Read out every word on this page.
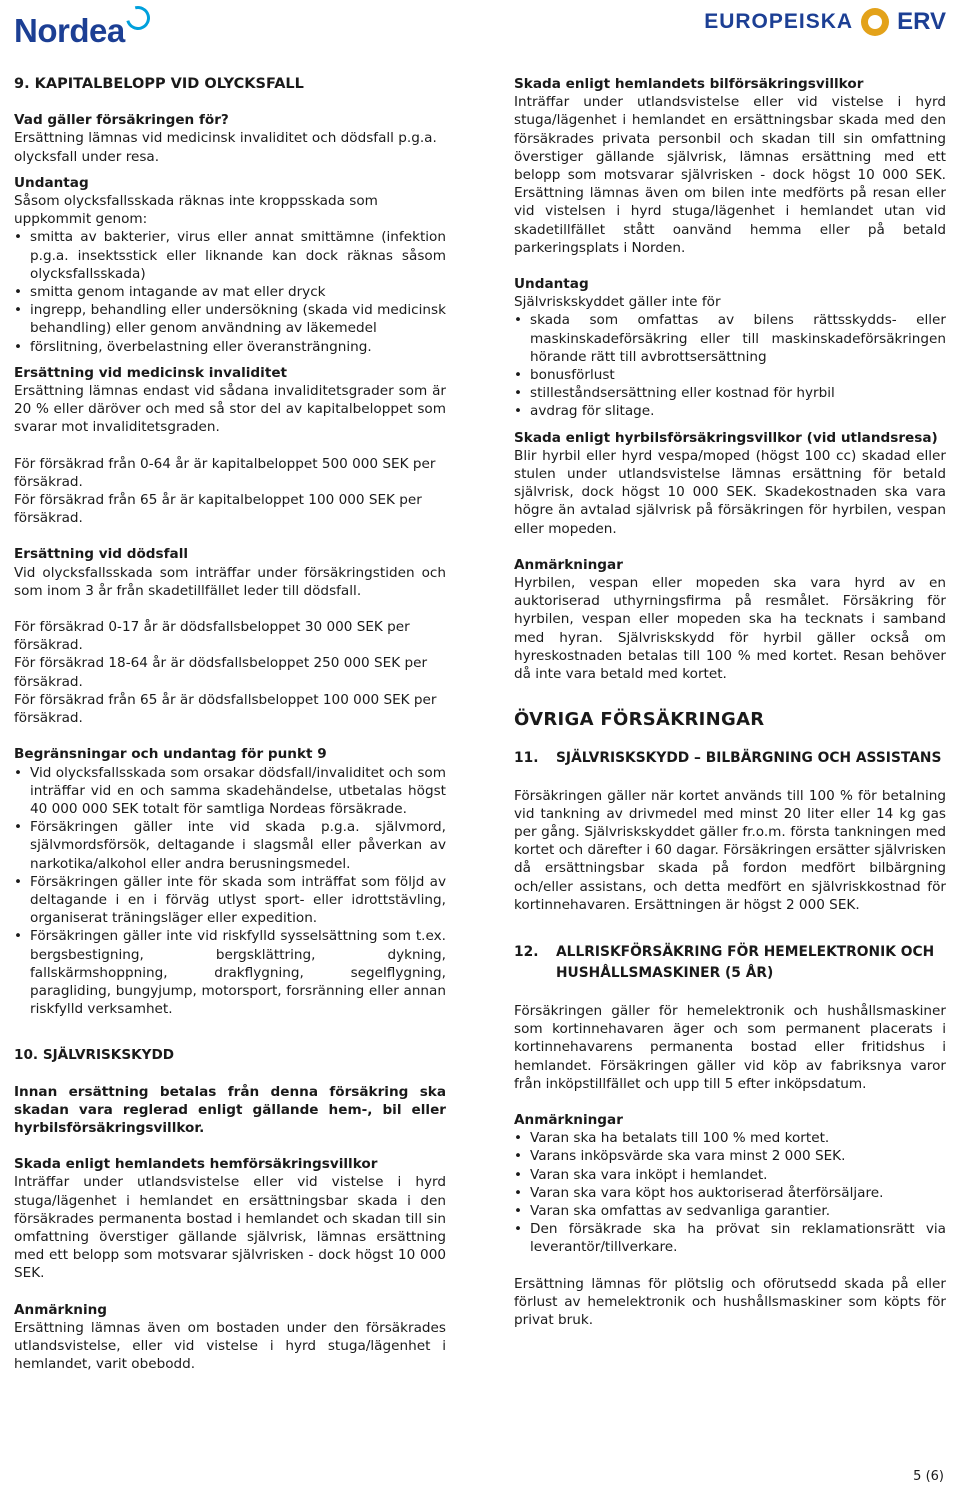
Nordea	EUROPEISKA ERV

9. KAPITALBELOPP VID OLYCKSFALL

Vad gäller försäkringen för?

Ersättning lämnas vid medicinsk invaliditet och dödsfall p.g.a. olycksfall under resa.

Undantag

Såsom olycksfallsskada räknas inte kroppsskada som uppkommit genom:

• smitta av bakterier, virus eller annat smittämne (infektion p.g.a. insektsstick eller liknande kan dock räknas såsom olycksfallsskada)
• smitta genom intagande av mat eller dryck
• ingrepp, behandling eller undersökning (skada vid medicinsk behandling) eller genom användning av läkemedel
• förslitning, överbelastning eller överansträngning.

Ersättning vid medicinsk invaliditet

Ersättning lämnas endast vid sådana invaliditetsgrader som är 20 % eller däröver och med så stor del av kapitalbeloppet som svarar mot invaliditetsgraden.

För försäkrad från 0-64 år är kapitalbeloppet 500 000 SEK per försäkrad.

För försäkrad från 65 år är kapitalbeloppet 100 000 SEK per försäkrad.

Ersättning vid dödsfall

Vid olycksfallsskada som inträffar under försäkringstiden och som inom 3 år från skadetillfället leder till dödsfall.

För försäkrad 0-17 år är dödsfallsbeloppet 30 000 SEK per försäkrad.

För försäkrad 18-64 år är dödsfallsbeloppet 250 000 SEK per försäkrad.

För försäkrad från 65 år är dödsfallsbeloppet 100 000 SEK per försäkrad.

Begränsningar och undantag för punkt 9

• Vid olycksfallsskada som orsakar dödsfall/invaliditet och som inträffar vid en och samma skadehändelse, utbetalas högst 40 000 000 SEK totalt för samtliga Nordeas försäkrade.
• Försäkringen gäller inte vid skada p.g.a. självmord, självmordsförsök, deltagande i slagsmål eller påverkan av narkotika/alkohol eller andra berusningsmedel.
• Försäkringen gäller inte för skada som inträffat som följd av deltagande i en i förväg utlyst sport- eller idrottstävling, organiserat träningsläger eller expedition.
• Försäkringen gäller inte vid riskfylld sysselsättning som t.ex. bergsbestigning, bergsklättring, dykning, fallskärmshoppning, drakflygning, segelflygning, paragliding, bungyjump, motorsport, forsränning eller annan riskfylld verksamhet.

10. SJÄLVRISKSKYDD

Innan ersättning betalas från denna försäkring ska skadan vara reglerad enligt gällande hem-, bil eller hyrbilsförsäkringsvillkor.

Skada enligt hemlandets hemförsäkringsvillkor

Inträffar under utlandsvistelse eller vid vistelse i hyrd stuga/lägenhet i hemlandet en ersättningsbar skada i den försäkrades permanenta bostad i hemlandet och skadan till sin omfattning överstiger gällande självrisk, lämnas ersättning med ett belopp som motsvarar självrisken - dock högst 10 000 SEK.

Anmärkning

Ersättning lämnas även om bostaden under den försäkrades utlandsvistelse, eller vid vistelse i hyrd stuga/lägenhet i hemlandet, varit obebodd.

Skada enligt hemlandets bilförsäkringsvillkor

Inträffar under utlandsvistelse eller vid vistelse i hyrd stuga/lägenhet i hemlandet en ersättningsbar skada med den försäkrades privata personbil och skadan till sin omfattning överstiger gällande självrisk, lämnas ersättning med ett belopp som motsvarar självrisken - dock högst 10 000 SEK. Ersättning lämnas även om bilen inte medförts på resan eller vid vistelsen i hyrd stuga/lägenhet i hemlandet utan vid skadetillfället stått oanvänd hemma eller på betald parkeringsplats i Norden.

Undantag

Självriskskyddet gäller inte för

• skada som omfattas av bilens rättsskydds- eller maskinskadeförsäkring eller till maskinskadeförsäkringen hörande rätt till avbrottsersättning
• bonusförlust
• stilleståndsersättning eller kostnad för hyrbil
• avdrag för slitage.

Skada enligt hyrbilsförsäkringsvillkor (vid utlandsresa)

Blir hyrbil eller hyrd vespa/moped (högst 100 cc) skadad eller stulen under utlandsvistelse lämnas ersättning för betald självrisk, dock högst 10 000 SEK. Skadekostnaden ska vara högre än avtalad självrisk på försäkringen för hyrbilen, vespan eller mopeden.

Anmärkningar

Hyrbilen, vespan eller mopeden ska vara hyrd av en auktoriserad uthyrningsfirma på resmålet. Försäkring för hyrbilen, vespan eller mopeden ska ha tecknats i samband med hyran. Självriskskydd för hyrbil gäller också om hyreskostnaden betalas till 100 % med kortet. Resan behöver då inte vara betald med kortet.

ÖVRIGA FÖRSÄKRINGAR

11.	SJÄLVRISKSKYDD – BILBÄRGNING OCH ASSISTANS

Försäkringen gäller när kortet används till 100 % för betalning vid tankning av drivmedel med minst 20 liter eller 14 kg gas per gång. Självriskskyddet gäller fr.o.m. första tankningen med kortet och därefter i 60 dagar. Försäkringen ersätter självrisken då ersättningsbar skada på fordon medfört bilbärgning och/eller assistans, och detta medfört en självriskkostnad för kortinnehavaren. Ersättningen är högst 2 000 SEK.

12.	ALLRISKFÖRSÄKRING FÖR HEMELEKTRONIK OCH HUSHÅLLSMASKINER (5 ÅR)

Försäkringen gäller för hemelektronik och hushållsmaskiner som kortinnehavaren äger och som permanent placerats i kortinnehavarens permanenta bostad eller fritidshus i hemlandet. Försäkringen gäller vid köp av fabriksnya varor från inköpstillfället och upp till 5 efter inköpsdatum.

Anmärkningar

• Varan ska ha betalats till 100 % med kortet.
• Varans inköpsvärde ska vara minst 2 000 SEK.
• Varan ska vara inköpt i hemlandet.
• Varan ska vara köpt hos auktoriserad återförsäljare.
• Varan ska omfattas av sedvanliga garantier.
• Den försäkrade ska ha prövat sin reklamationsrätt via leverantör/tillverkare.

Ersättning lämnas för plötslig och oförutsedd skada på eller förlust av hemelektronik och hushållsmaskiner som köpts för privat bruk.

5 (6)
